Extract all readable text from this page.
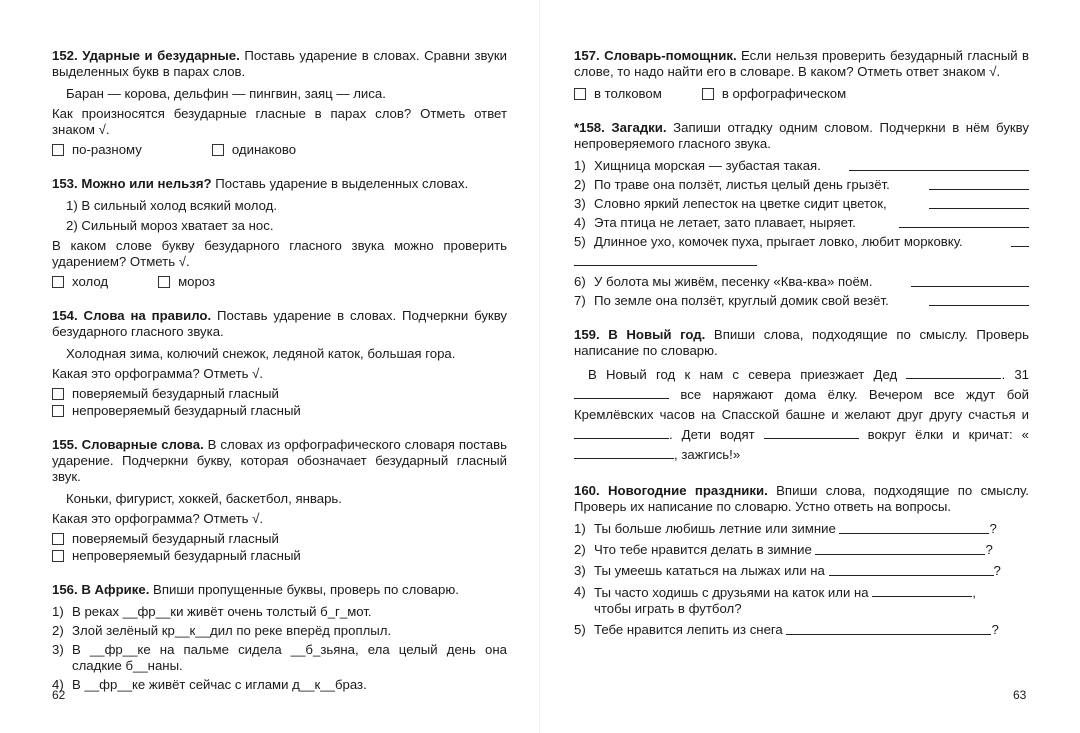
152. Ударные и безударные. Поставь ударение в словах. Сравни звуки выделенных букв в парах слов.

Баран — корова, дельфин — пингвин, заяц — лиса.

Как произносятся безударные гласные в парах слов? Отметь ответ знаком √.

по-разному	одинаково

153. Можно или нельзя? Поставь ударение в выделенных словах.

1) В сильный холод всякий молод.

2) Сильный мороз хватает за нос.

В каком слове букву безударного гласного звука можно проверить ударением? Отметь √.

холод	мороз

154. Слова на правило. Поставь ударение в словах. Подчеркни букву безударного гласного звука.

Холодная зима, колючий снежок, ледяной каток, большая гора.

Какая это орфограмма? Отметь √.

поверяемый безударный гласный
непроверяемый безударный гласный

155. Словарные слова. В словах из орфографического словаря поставь ударение. Подчеркни букву, которая обозначает безударный гласный звук.

Коньки, фигурист, хоккей, баскетбол, январь.

Какая это орфограмма? Отметь √.

поверяемый безударный гласный
непроверяемый безударный гласный

156. В Африке. Впиши пропущенные буквы, проверь по словарю.

1) В реках __фр__ки живёт очень толстый б_г_мот.
2) Злой зелёный кр__к__дил по реке вперёд проплыл.
3) В __фр__ке на пальме сидела __б_зьяна, ела целый день она сладкие б__наны.
4) В __фр__ке живёт сейчас с иглами д__к__браз.
62

157. Словарь-помощник. Если нельзя проверить безударный гласный в слове, то надо найти его в словаре. В каком? Отметь ответ знаком √.

в толковом	в орфографическом

*158. Загадки. Запиши отгадку одним словом. Подчеркни в нём букву непроверяемого гласного звука.

1) Хищница морская — зубастая такая.
2) По траве она ползёт, листья целый день грызёт.
3) Словно яркий лепесток на цветке сидит цветок,
4) Эта птица не летает, зато плавает, ныряет.
5) Длинное ухо, комочек пуха, прыгает ловко, любит морковку.
6) У болота мы живём, песенку «Ква-ква» поём.
7) По земле она ползёт, круглый домик свой везёт.

159. В Новый год. Впиши слова, подходящие по смыслу. Проверь написание по словарю.

В Новый год к нам с севера приезжает Дед	. 31  все наряжают дома ёлку. Вечером все ждут бой Кремлёвских часов на Спасской башне и желают друг другу счастья и . Дети водят	вокруг ёлки и кричат: «, зажгись!»

160. Новогодние праздники. Впиши слова, подходящие по смыслу. Проверь их написание по словарю. Устно ответь на вопросы.

1) Ты больше любишь летние или зимние
	?
2) Что тебе нравится делать в зимние
	?
3) Ты умеешь кататься на лыжах или на
	?
4) Ты часто ходишь с друзьями на каток или на	,
чтобы играть в футбол?
5) Тебе нравится лепить из снега
	?
63
